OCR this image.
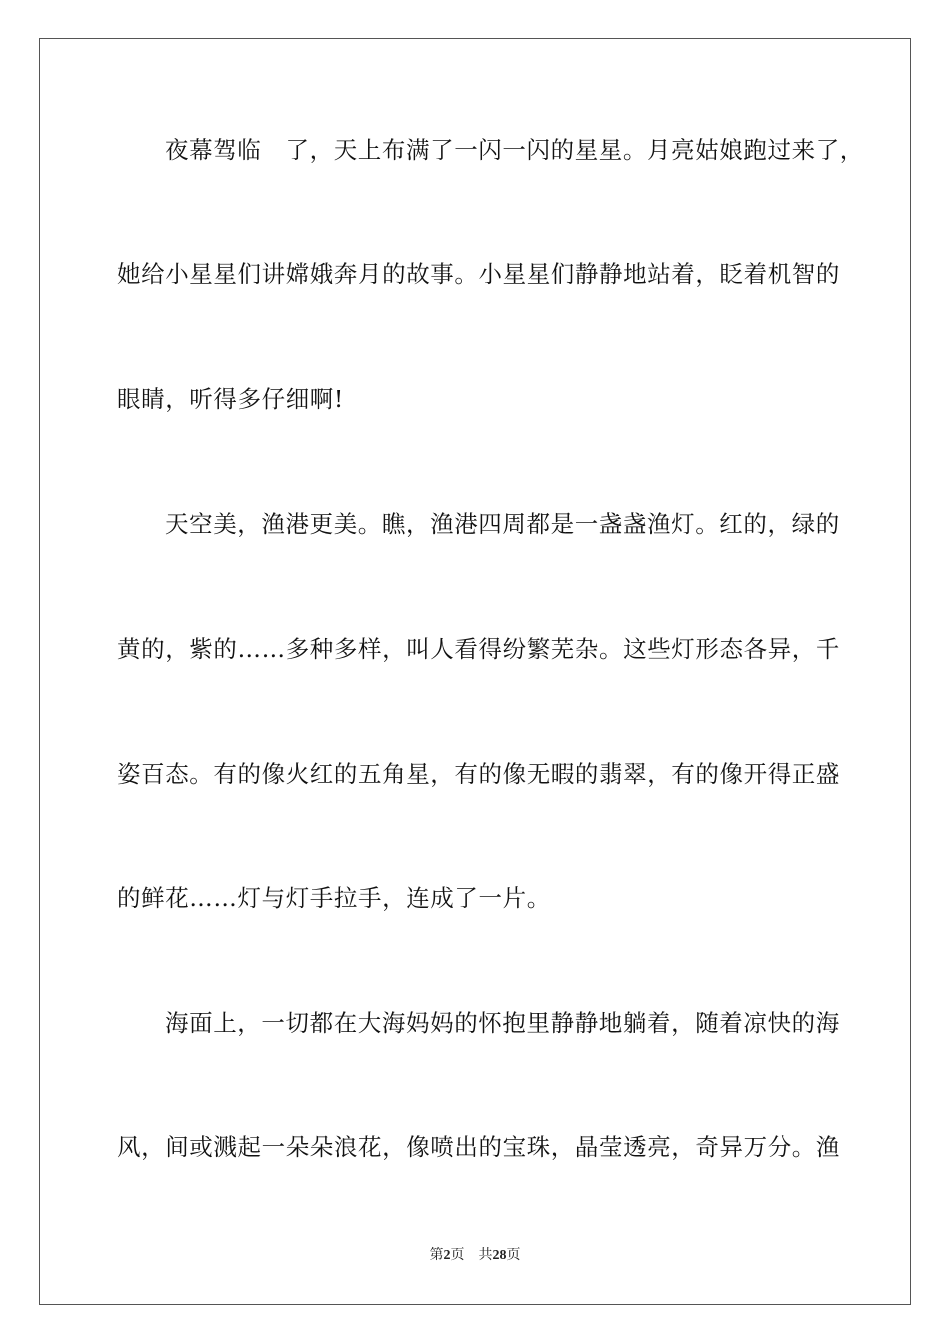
夜幕驾临　了，天上布满了一闪一闪的星星。月亮姑娘跑过来了，
她给小星星们讲嫦娥奔月的故事。小星星们静静地站着，眨着机智的
眼睛，听得多仔细啊!
天空美，渔港更美。瞧，渔港四周都是一盏盏渔灯。红的，绿的
黄的，紫的……多种多样，叫人看得纷繁芜杂。这些灯形态各异，千
姿百态。有的像火红的五角星，有的像无暇的翡翠，有的像开得正盛
的鲜花……灯与灯手拉手，连成了一片。
海面上，一切都在大海妈妈的怀抱里静静地躺着，随着凉快的海
风，间或溅起一朵朵浪花，像喷出的宝珠，晶莹透亮，奇异万分。渔
第2页 共28页
